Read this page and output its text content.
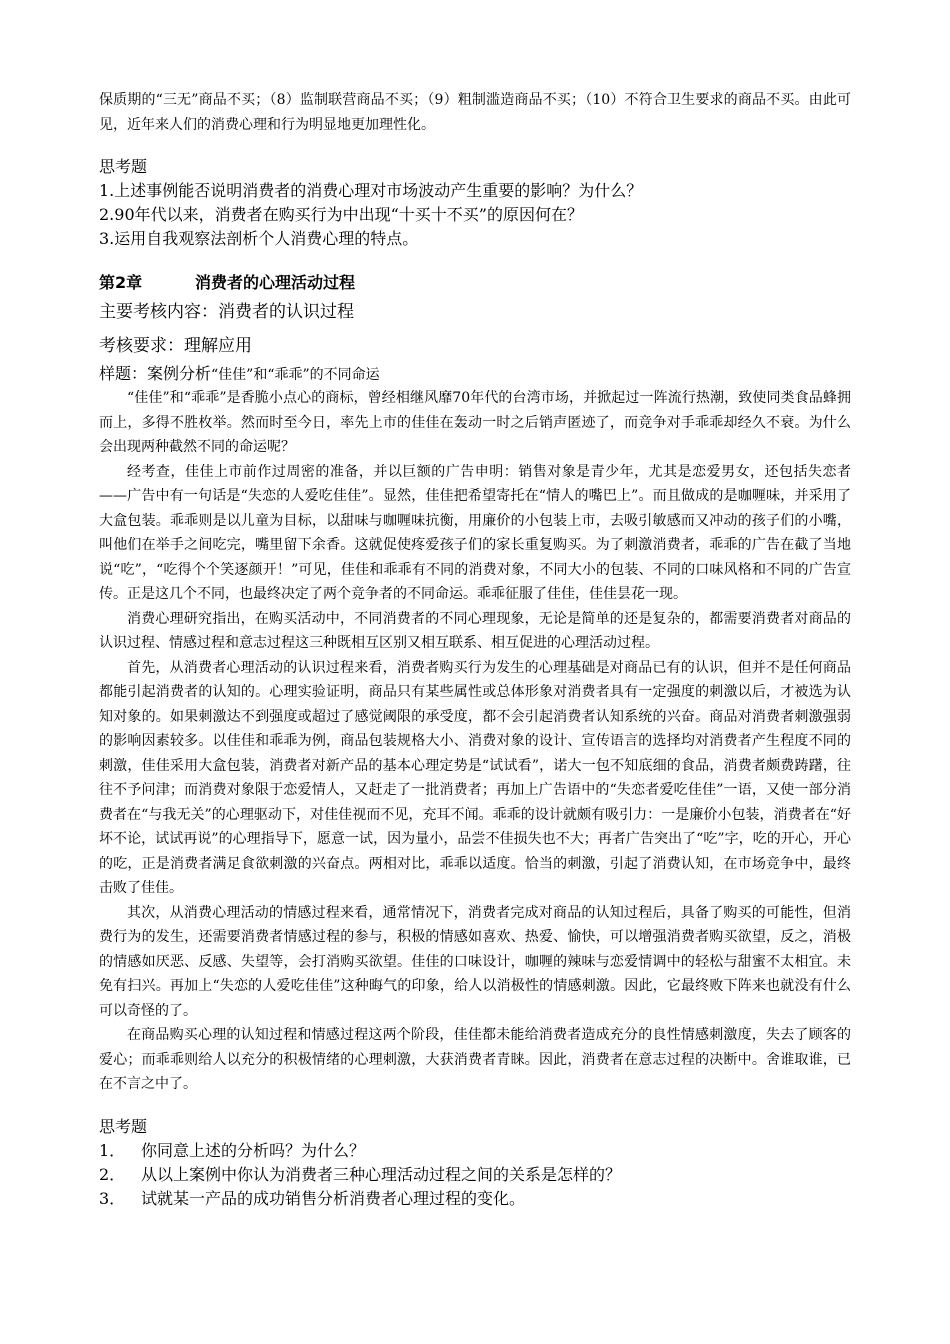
保质期的“三无”商品不买；（8）监制联营商品不买；（9）粗制滥造商品不买；（10）不符合卫生要求的商品不买。由此可见，近年来人们的消费心理和行为明显地更加理性化。

思考题

1.上述事例能否说明消费者的消费心理对市场波动产生重要的影响？为什么？

2.90年代以来，消费者在购买行为中出现“十买十不买”的原因何在？

3.运用自我观察法剖析个人消费心理的特点。

第2章	消费者的心理活动过程

主要考核内容：消费者的认识过程

考核要求：理解应用

样题：案例分析“佳佳”和“乖乖”的不同命运

“佳佳”和“乖乖”是香脆小点心的商标，曾经相继风靡70年代的台湾市场，并掀起过一阵流行热潮，致使同类食品蜂拥而上，多得不胜枚举。然而时至今日，率先上市的佳佳在轰动一时之后销声匿迹了，而竞争对手乖乖却经久不衰。为什么会出现两种截然不同的命运呢？

经考查，佳佳上市前作过周密的准备，并以巨额的广告申明：销售对象是青少年，尤其是恋爱男女，还包括失恋者——广告中有一句话是“失恋的人爱吃佳佳”。显然，佳佳把希望寄托在“情人的嘴巴上”。而且做成的是咖喱味，并采用了大盒包装。乖乖则是以儿童为目标，以甜味与咖喱味抗衡，用廉价的小包装上市，去吸引敏感而又冲动的孩子们的小嘴，叫他们在举手之间吃完，嘴里留下余香。这就促使疼爱孩子们的家长重复购买。为了刺激消费者，乖乖的广告在截了当地说“吃”，“吃得个个笑逐颜开！”可见，佳佳和乖乖有不同的消费对象，不同大小的包装、不同的口味风格和不同的广告宣传。正是这几个不同，也最终决定了两个竞争者的不同命运。乖乖征服了佳佳，佳佳昙花一现。

消费心理研究指出，在购买活动中，不同消费者的不同心理现象，无论是简单的还是复杂的，都需要消费者对商品的认识过程、情感过程和意志过程这三种既相互区别又相互联系、相互促进的心理活动过程。

首先，从消费者心理活动的认识过程来看，消费者购买行为发生的心理基础是对商品已有的认识，但并不是任何商品都能引起消费者的认知的。心理实验证明，商品只有某些属性或总体形象对消费者具有一定强度的刺激以后，才被选为认知对象的。如果刺激达不到强度或超过了感觉阈限的承受度，都不会引起消费者认知系统的兴奋。商品对消费者刺激强弱的影响因素较多。以佳佳和乖乖为例，商品包装规格大小、消费对象的设计、宣传语言的选择均对消费者产生程度不同的刺激，佳佳采用大盒包装，消费者对新产品的基本心理定势是“试试看”，诺大一包不知底细的食品，消费者颇费踌躇，往往不予问津；而消费对象限于恋爱情人，又赶走了一批消费者；再加上广告语中的“失恋者爱吃佳佳”一语，又使一部分消费者在“与我无关”的心理驱动下，对佳佳视而不见，充耳不闻。乖乖的设计就颇有吸引力：一是廉价小包装，消费者在“好坏不论，试试再说”的心理指导下，愿意一试，因为量小，品尝不佳损失也不大；再者广告突出了“吃”字，吃的开心，开心的吃，正是消费者满足食欲刺激的兴奋点。两相对比，乖乖以适度。恰当的刺激，引起了消费认知，在市场竞争中，最终击败了佳佳。

其次，从消费心理活动的情感过程来看，通常情况下，消费者完成对商品的认知过程后，具备了购买的可能性，但消费行为的发生，还需要消费者情感过程的参与，积极的情感如喜欢、热爱、愉快，可以增强消费者购买欲望，反之，消极的情感如厌恶、反感、失望等，会打消购买欲望。佳佳的口味设计，咖喱的辣味与恋爱情调中的轻松与甜蜜不太相宜。未免有扫兴。再加上“失恋的人爱吃佳佳”这种晦气的印象，给人以消极性的情感刺激。因此，它最终败下阵来也就没有什么可以奇怪的了。

在商品购买心理的认知过程和情感过程这两个阶段，佳佳都未能给消费者造成充分的良性情感刺激度，失去了顾客的爱心；而乖乖则给人以充分的积极情绪的心理刺激，大获消费者青睐。因此，消费者在意志过程的决断中。舍谁取谁，已在不言之中了。

思考题

1． 你同意上述的分析吗？为什么？

2． 从以上案例中你认为消费者三种心理活动过程之间的关系是怎样的？

3． 试就某一产品的成功销售分析消费者心理过程的变化。
